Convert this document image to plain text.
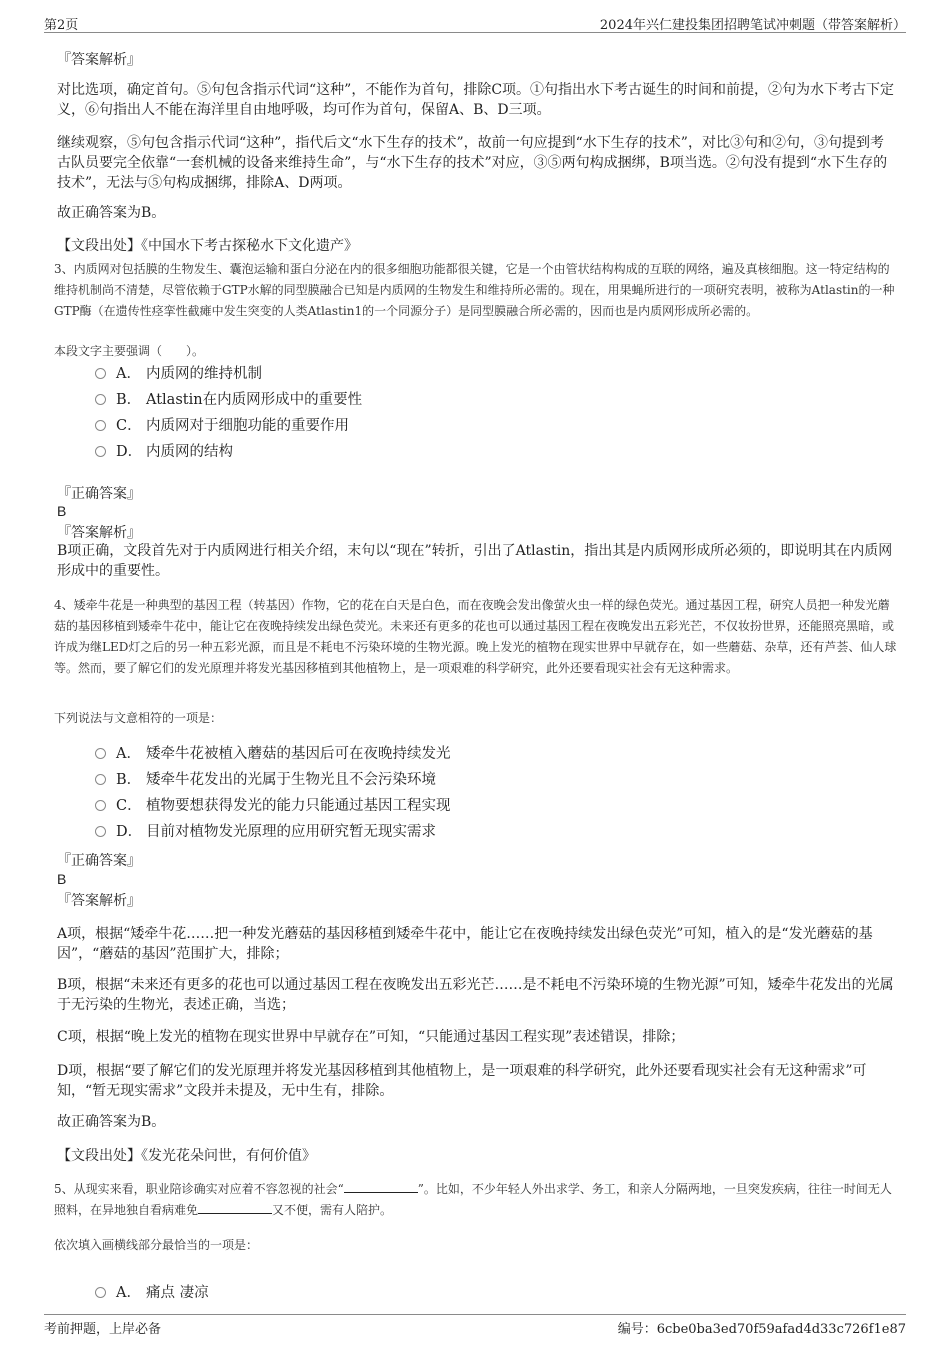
第2页	2024年兴仁建投集团招聘笔试冲刺题（带答案解析）
『答案解析』

对比选项，确定首句。⑤句包含指示代词“这种”，不能作为首句，排除C项。①句指出水下考古诞生的时间和前提，②句为水下考古下定义，⑥句指出人不能在海洋里自由地呼吸，均可作为首句，保留A、B、D三项。

继续观察，⑤句包含指示代词“这种”，指代后文“水下生存的技术”，故前一句应提到“水下生存的技术”，对比③句和②句，③句提到考古队员要完全依靠“一套机械的设备来维持生命”，与“水下生存的技术”对应，③⑤两句构成捆绑，B项当选。②句没有提到“水下生存的技术”，无法与⑤句构成捆绑，排除A、D两项。

故正确答案为B。
【文段出处】《中国水下考古探秘水下文化遗产》

3、内质网对包括膜的生物发生、囊泡运输和蛋白分泌在内的很多细胞功能都很关键，它是一个由管状结构构成的互联的网络，遍及真核细胞。这一特定结构的维持机制尚不清楚，尽管依赖于GTP水解的同型膜融合已知是内质网的生物发生和维持所必需的。现在，用果蝇所进行的一项研究表明，被称为Atlastin的一种GTP酶（在遗传性痉挛性截瘫中发生突变的人类Atlastin1的一个同源分子）是同型膜融合所必需的，因而也是内质网形成所必需的。

本段文字主要强调（　　）。
A． 内质网的维持机制
B． Atlastin在内质网形成中的重要性
C． 内质网对于细胞功能的重要作用
D． 内质网的结构
『正确答案』
B
『答案解析』

B项正确，文段首先对于内质网进行相关介绍，末句以“现在”转折，引出了Atlastin，指出其是内质网形成所必须的，即说明其在内质网形成中的重要性。

4、矮牵牛花是一种典型的基因工程（转基因）作物，它的花在白天是白色，而在夜晚会发出像萤火虫一样的绿色荧光。通过基因工程，研究人员把一种发光蘑菇的基因移植到矮牵牛花中，能让它在夜晚持续发出绿色荧光。未来还有更多的花也可以通过基因工程在夜晚发出五彩光芒，不仅妆扮世界，还能照亮黑暗，或许成为继LED灯之后的另一种五彩光源，而且是不耗电不污染环境的生物光源。晚上发光的植物在现实世界中早就存在，如一些蘑菇、杂草，还有芦荟、仙人球等。然而，要了解它们的发光原理并将发光基因移植到其他植物上，是一项艰难的科学研究，此外还要看现实社会有无这种需求。

下列说法与文意相符的一项是：
A． 矮牵牛花被植入蘑菇的基因后可在夜晚持续发光
B． 矮牵牛花发出的光属于生物光且不会污染环境
C． 植物要想获得发光的能力只能通过基因工程实现
D． 目前对植物发光原理的应用研究暂无现实需求
『正确答案』
B
『答案解析』

A项，根据“矮牵牛花……把一种发光蘑菇的基因移植到矮牵牛花中，能让它在夜晚持续发出绿色荧光”可知，植入的是“发光蘑菇的基因”，“蘑菇的基因”范围扩大，排除；

B项，根据“未来还有更多的花也可以通过基因工程在夜晚发出五彩光芒……是不耗电不污染环境的生物光源”可知，矮牵牛花发出的光属于无污染的生物光，表述正确，当选；

C项，根据“晚上发光的植物在现实世界中早就存在”可知，“只能通过基因工程实现”表述错误，排除；

D项，根据“要了解它们的发光原理并将发光基因移植到其他植物上，是一项艰难的科学研究，此外还要看现实社会有无这种需求”可知，“暂无现实需求”文段并未提及，无中生有，排除。

故正确答案为B。
【文段出处】《发光花朵问世，有何价值》

5、从现实来看，职业陪诊确实对应着不容忽视的社会“	”。比如，不少年轻人外出求学、务工，和亲人分隔两地，一旦突发疾病，往往一时间无人照料，在异地独自看病难免	又不便，需有人陪护。

依次填入画横线部分最恰当的一项是：
A． 痛点 凄凉
考前押题，上岸必备	编号：6cbe0ba3ed70f59afad4d33c726f1e87
